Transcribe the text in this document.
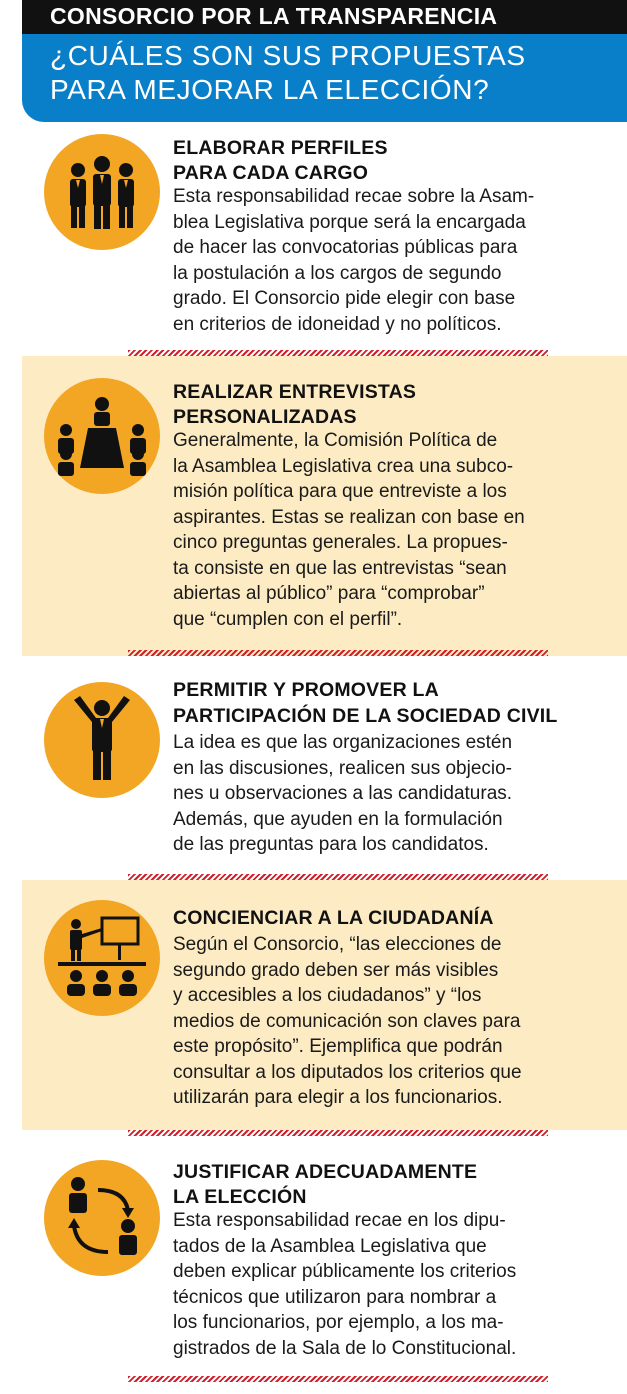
CONSORCIO POR LA TRANSPARENCIA
¿CUÁLES SON SUS PROPUESTAS
PARA MEJORAR LA ELECCIÓN?
ELABORAR PERFILES
PARA CADA CARGO
Esta responsabilidad recae sobre la Asam-
blea Legislativa porque será la encargada
de hacer las convocatorias públicas para
la postulación a los cargos de segundo
grado. El Consorcio pide elegir con base
en criterios de idoneidad y no políticos.
REALIZAR ENTREVISTAS
PERSONALIZADAS
Generalmente, la Comisión Política de
la Asamblea Legislativa crea una subco-
misión política para que entreviste a los
aspirantes. Estas se realizan con base en
cinco preguntas generales. La propues-
ta consiste en que las entrevistas “sean
abiertas al público” para “comprobar”
que “cumplen con el perfil”.
PERMITIR Y PROMOVER LA
PARTICIPACIÓN DE LA SOCIEDAD CIVIL
La idea es que las organizaciones estén
en las discusiones, realicen sus objecio-
nes u observaciones a las candidaturas.
Además, que ayuden en la formulación
de las preguntas para los candidatos.
CONCIENCIAR A LA CIUDADANÍA
Según el Consorcio, “las elecciones de
segundo grado deben ser más visibles
y accesibles a los ciudadanos” y “los
medios de comunicación son claves para
este propósito”. Ejemplifica que podrán
consultar a los diputados los criterios que
utilizarán para elegir a los funcionarios.
JUSTIFICAR ADECUADAMENTE
LA ELECCIÓN
Esta responsabilidad recae en los dipu-
tados de la Asamblea Legislativa que
deben explicar públicamente los criterios
técnicos que utilizaron para nombrar a
los funcionarios, por ejemplo, a los ma-
gistrados de la Sala de lo Constitucional.
